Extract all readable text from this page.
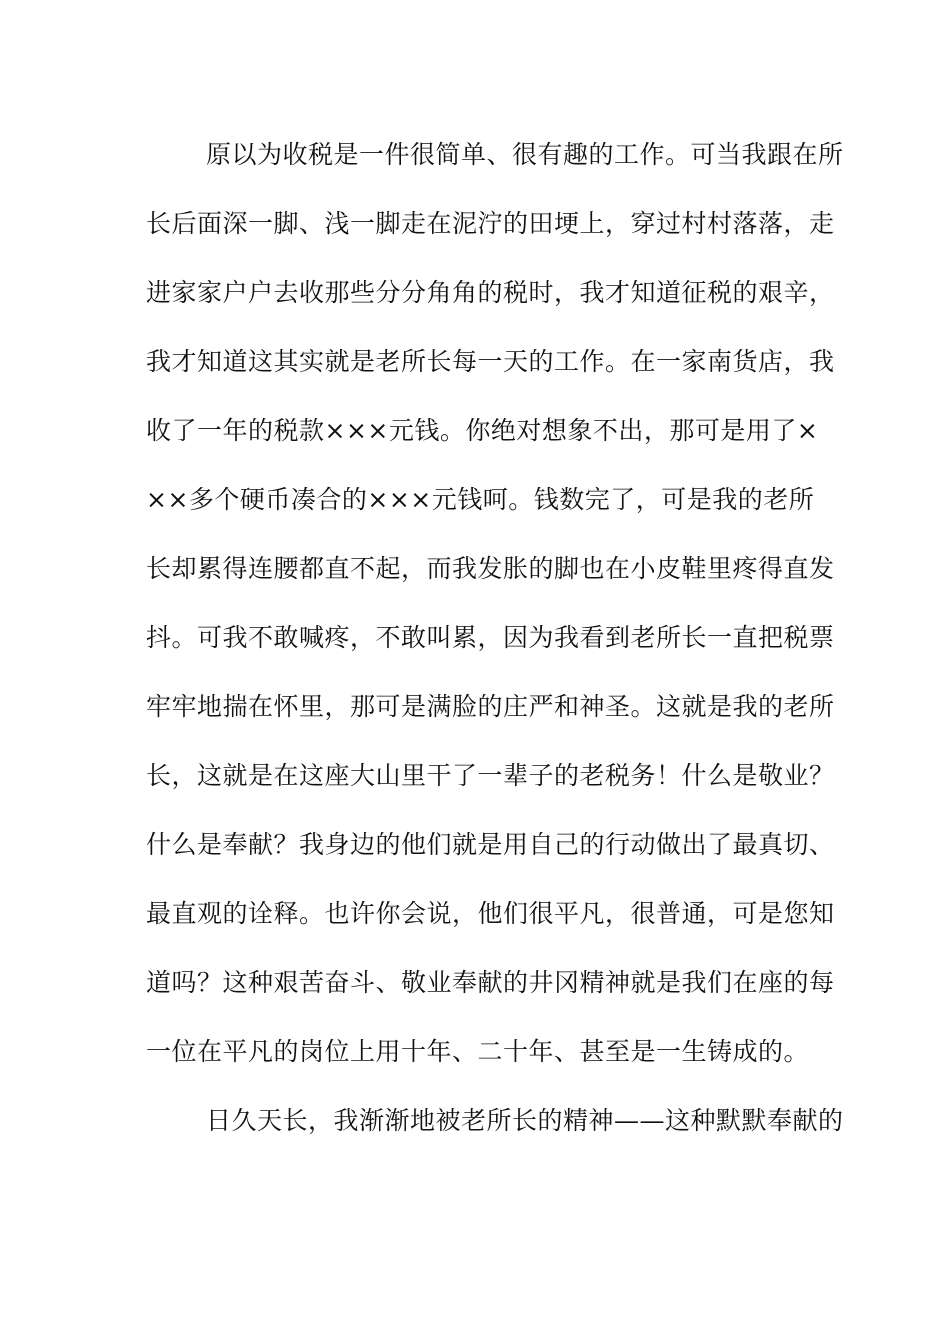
原以为收税是一件很简单、很有趣的工作。可当我跟在所
长后面深一脚、浅一脚走在泥泞的田埂上，穿过村村落落，走
进家家户户去收那些分分角角的税时，我才知道征税的艰辛，
我才知道这其实就是老所长每一天的工作。在一家南货店，我
收了一年的税款×××元钱。你绝对想象不出，那可是用了×
××多个硬币凑合的×××元钱呵。钱数完了，可是我的老所
长却累得连腰都直不起，而我发胀的脚也在小皮鞋里疼得直发
抖。可我不敢喊疼，不敢叫累，因为我看到老所长一直把税票
牢牢地揣在怀里，那可是满脸的庄严和神圣。这就是我的老所
长，这就是在这座大山里干了一辈子的老税务！什么是敬业？
什么是奉献？我身边的他们就是用自己的行动做出了最真切、
最直观的诠释。也许你会说，他们很平凡，很普通，可是您知
道吗？这种艰苦奋斗、敬业奉献的井冈精神就是我们在座的每
一位在平凡的岗位上用十年、二十年、甚至是一生铸成的。
日久天长，我渐渐地被老所长的精神——这种默默奉献的
